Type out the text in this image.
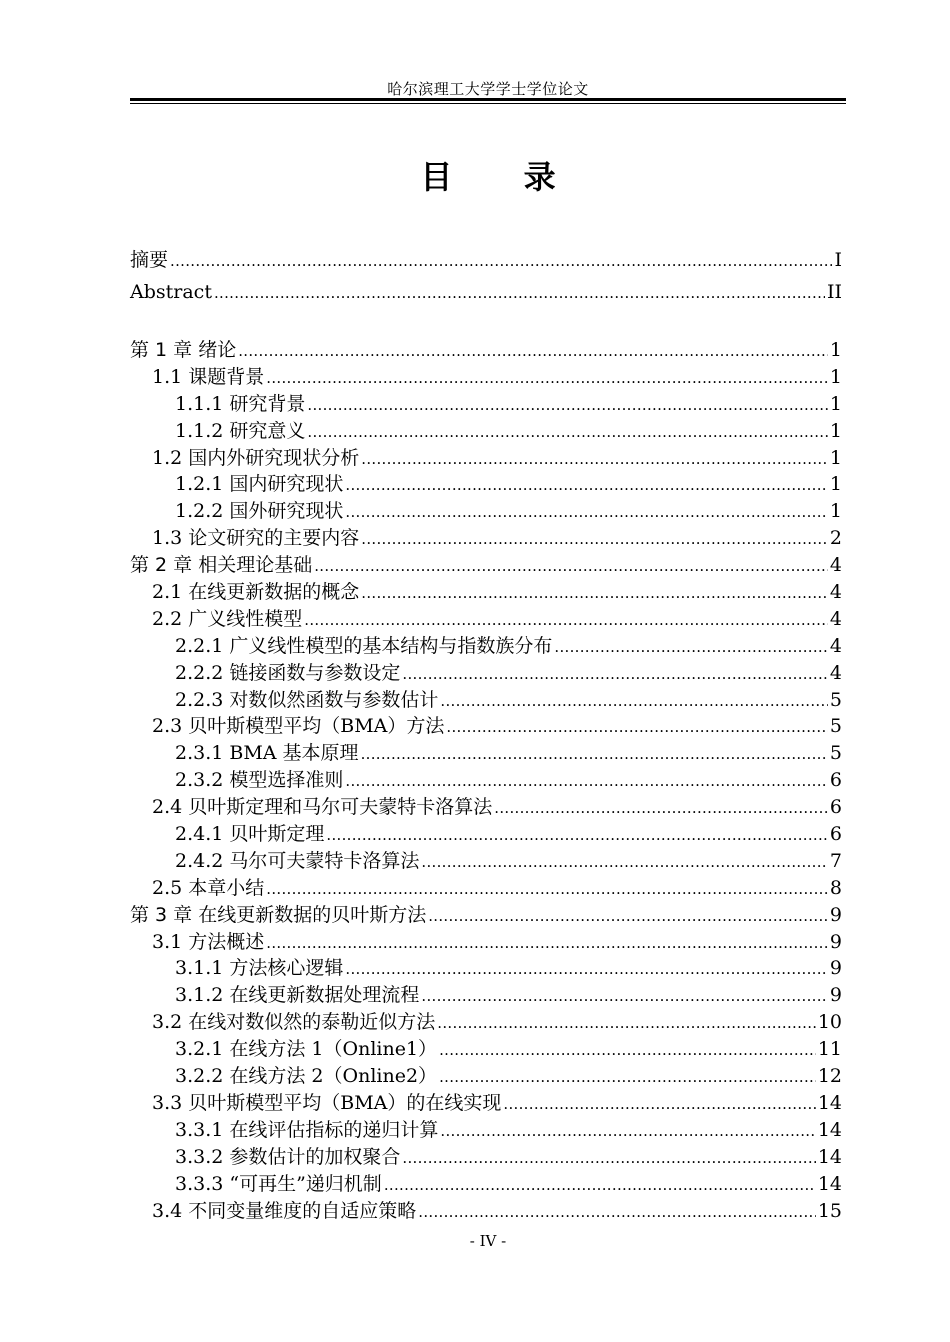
哈尔滨理工大学学士学位论文
目 录
摘要 .....	I
Abstract .....	II
第 1 章 绪论 .....	1
1.1 课题背景 .....	1
1.1.1 研究背景 .....	1
1.1.2 研究意义 .....	1
1.2 国内外研究现状分析 .....	1
1.2.1 国内研究现状 .....	1
1.2.2 国外研究现状 .....	1
1.3 论文研究的主要内容 .....	2
第 2 章 相关理论基础 .....	4
2.1 在线更新数据的概念 .....	4
2.2 广义线性模型 .....	4
2.2.1 广义线性模型的基本结构与指数族分布 .....	4
2.2.2 链接函数与参数设定 .....	4
2.2.3 对数似然函数与参数估计 .....	5
2.3 贝叶斯模型平均（BMA）方法 .....	5
2.3.1 BMA 基本原理 .....	5
2.3.2 模型选择准则 .....	6
2.4 贝叶斯定理和马尔可夫蒙特卡洛算法 .....	6
2.4.1 贝叶斯定理 .....	6
2.4.2 马尔可夫蒙特卡洛算法 .....	7
2.5 本章小结 .....	8
第 3 章 在线更新数据的贝叶斯方法 .....	9
3.1 方法概述 .....	9
3.1.1 方法核心逻辑 .....	9
3.1.2 在线更新数据处理流程 .....	9
3.2 在线对数似然的泰勒近似方法 .....	10
3.2.1 在线方法 1（Online1） .....	11
3.2.2 在线方法 2（Online2） .....	12
3.3 贝叶斯模型平均（BMA）的在线实现 .....	14
3.3.1 在线评估指标的递归计算 .....	14
3.3.2 参数估计的加权聚合 .....	14
3.3.3 “可再生”递归机制 .....	14
3.4 不同变量维度的自适应策略 .....	15
- IV -
